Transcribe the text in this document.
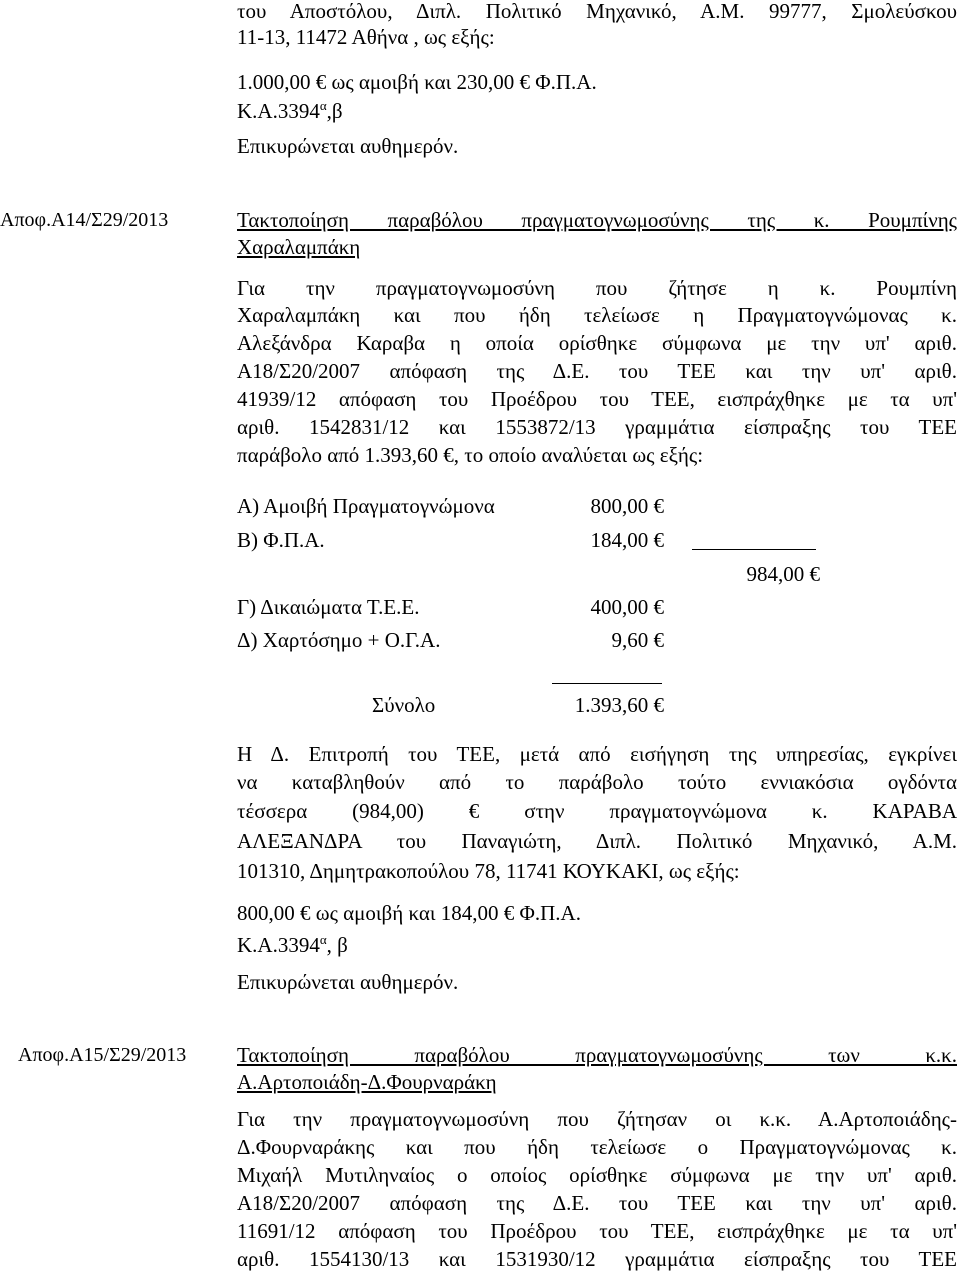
του Αποστόλου, Διπλ. Πολιτικό Μηχανικό, Α.Μ. 99777, Σμολεύσκου
11-13, 11472 Αθήνα , ως εξής:
1.000,00 € ως αμοιβή και 230,00 € Φ.Π.Α.
$K.A.3394^\alpha,\beta$
Επικυρώνεται αυθημερόν.
Αποφ.Α14/Σ29/2013	Τακτοποίηση παραβόλου πραγματογνωμοσύνης της κ. Ρουμπίνης
Χαραλαμπάκη
Για την πραγματογνωμοσύνη που ζήτησε η κ. Ρουμπίνη
Χαραλαμπάκη και που ήδη τελείωσε η Πραγματογνώμονας κ.
Αλεξάνδρα Καραβα η οποία ορίσθηκε σύμφωνα με την υπ' αριθ.
Α18/Σ20/2007 απόφαση της Δ.Ε. του ΤΕΕ και την υπ' αριθ.
41939/12 απόφαση του Προέδρου του ΤΕΕ, εισπράχθηκε με τα υπ'
αριθ. 1542831/12 και 1553872/13 γραμμάτια είσπραξης του ΤΕΕ
παράβολο από 1.393,60 €, το οποίο αναλύεται ως εξής:
Α) Αμοιβή Πραγματογνώμονα	800,00 €
Β) Φ.Π.Α.	184,00 €
984,00 €
Γ) Δικαιώματα Τ.Ε.Ε.	400,00 €
Δ) Χαρτόσημο + Ο.Γ.Α.	9,60 €
Σύνολο	1.393,60 €
Η Δ. Επιτροπή του ΤΕΕ, μετά από εισήγηση της υπηρεσίας, εγκρίνει
να καταβληθούν από το παράβολο τούτο εννιακόσια ογδόντα
τέσσερα (984,00) € στην πραγματογνώμονα κ. ΚΑΡΑΒΑ
ΑΛΕΞΑΝΔΡΑ του Παναγιώτη, Διπλ. Πολιτικό Μηχανικό, Α.Μ.
101310, Δημητρακοπούλου 78, 11741 ΚΟΥΚΑΚΙ, ως εξής:
800,00 € ως αμοιβή και 184,00 € Φ.Π.Α.
$K.A.3394^\alpha$, β
Επικυρώνεται αυθημερόν.
Αποφ.Α15/Σ29/2013 Τακτοποίηση παραβόλου πραγματογνωμοσύνης των κ.κ.
Α.Αρτοποιάδη-Δ.Φουρναράκη
Για την πραγματογνωμοσύνη που ζήτησαν οι κ.κ. Α.Αρτοποιάδης-
Δ.Φουρναράκης και που ήδη τελείωσε ο Πραγματογνώμονας κ.
Μιχαήλ Μυτιληναίος ο οποίος ορίσθηκε σύμφωνα με την υπ' αριθ.
Α18/Σ20/2007 απόφαση της Δ.Ε. του ΤΕΕ και την υπ' αριθ.
11691/12 απόφαση του Προέδρου του ΤΕΕ, εισπράχθηκε με τα υπ'
αριθ. 1554130/13 και 1531930/12 γραμμάτια είσπραξης του ΤΕΕ
